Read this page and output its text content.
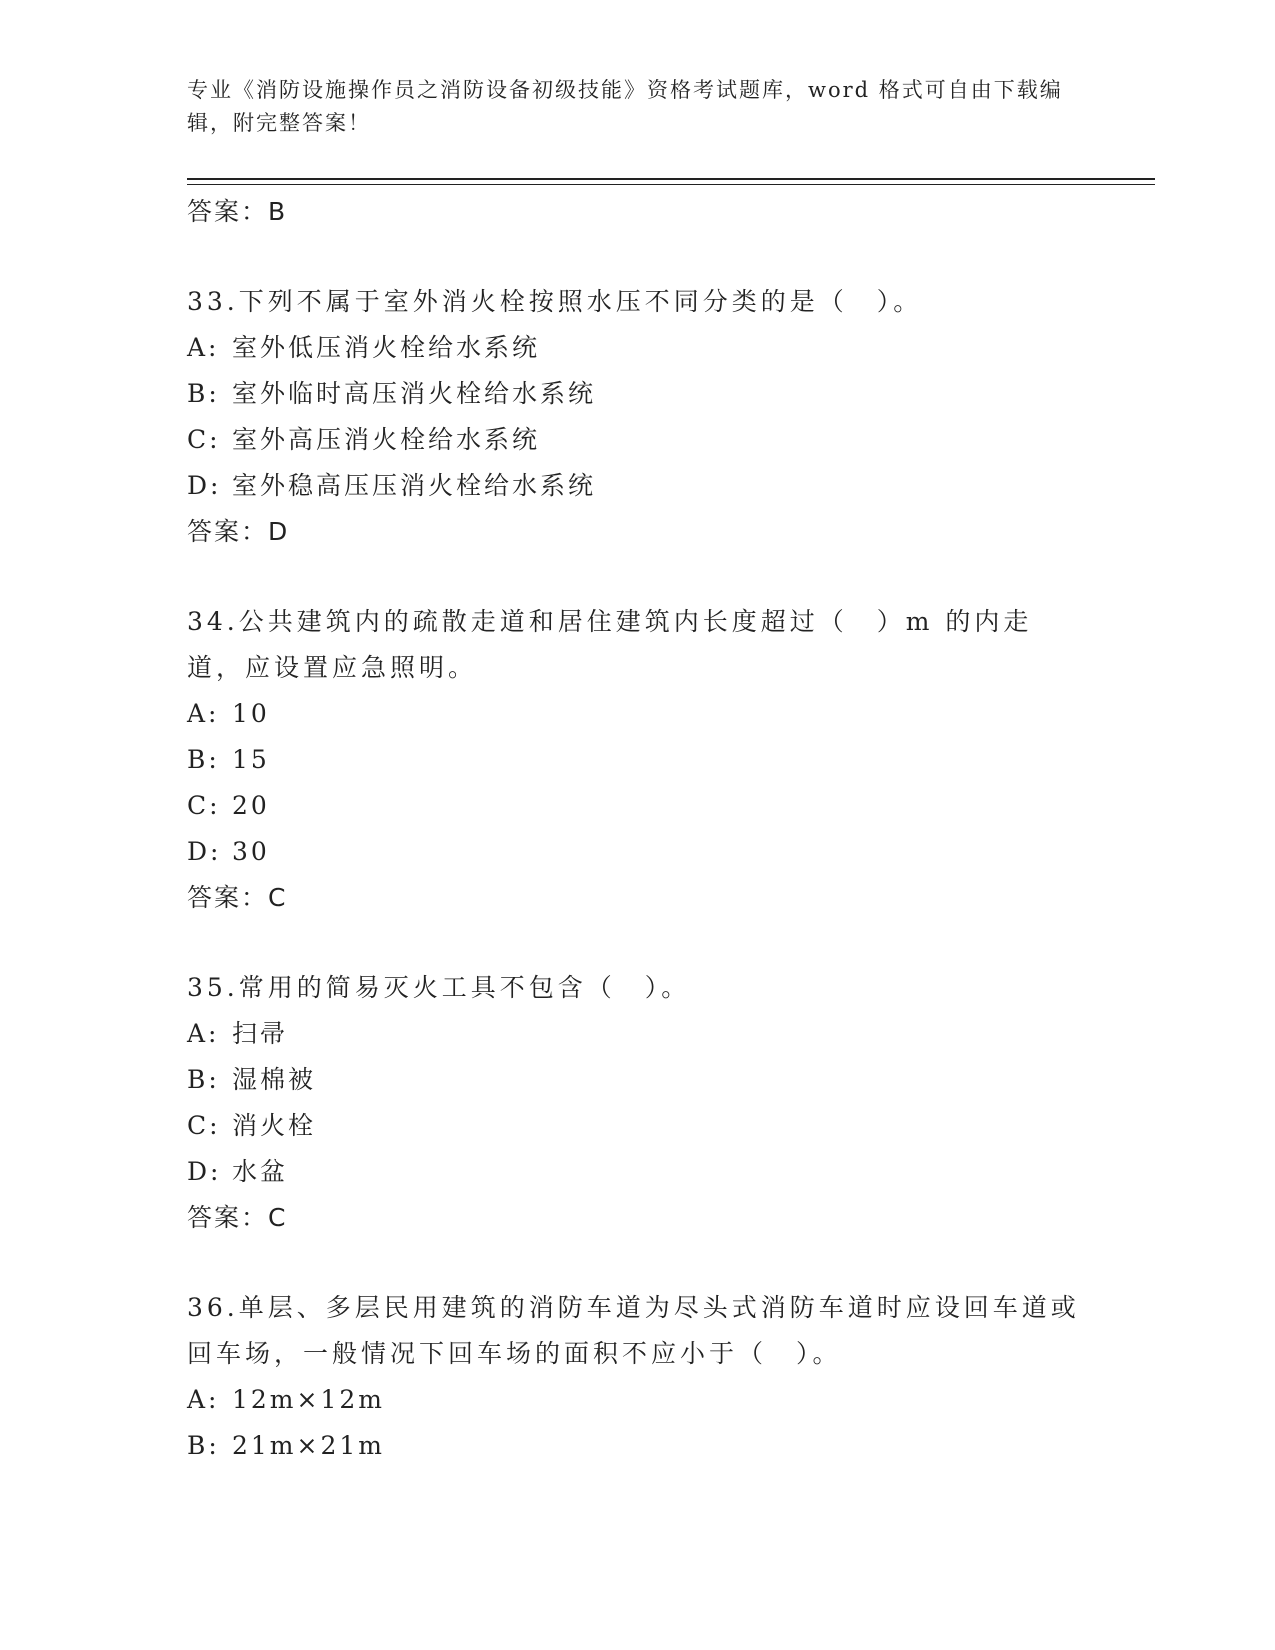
专业《消防设施操作员之消防设备初级技能》资格考试题库，word 格式可自由下载编辑，附完整答案！

答案：B

33.下列不属于室外消火栓按照水压不同分类的是（　）。

A: 室外低压消火栓给水系统

B: 室外临时高压消火栓给水系统

C: 室外高压消火栓给水系统

D: 室外稳高压压消火栓给水系统

答案：D

34.公共建筑内的疏散走道和居住建筑内长度超过（　）m 的内走道，应设置应急照明。

A: 10

B: 15

C: 20

D: 30

答案：C

35.常用的简易灭火工具不包含（　）。

A: 扫帚

B: 湿棉被

C: 消火栓

D: 水盆

答案：C

36.单层、多层民用建筑的消防车道为尽头式消防车道时应设回车道或回车场，一般情况下回车场的面积不应小于（　）。

A: 12m×12m

B: 21m×21m
